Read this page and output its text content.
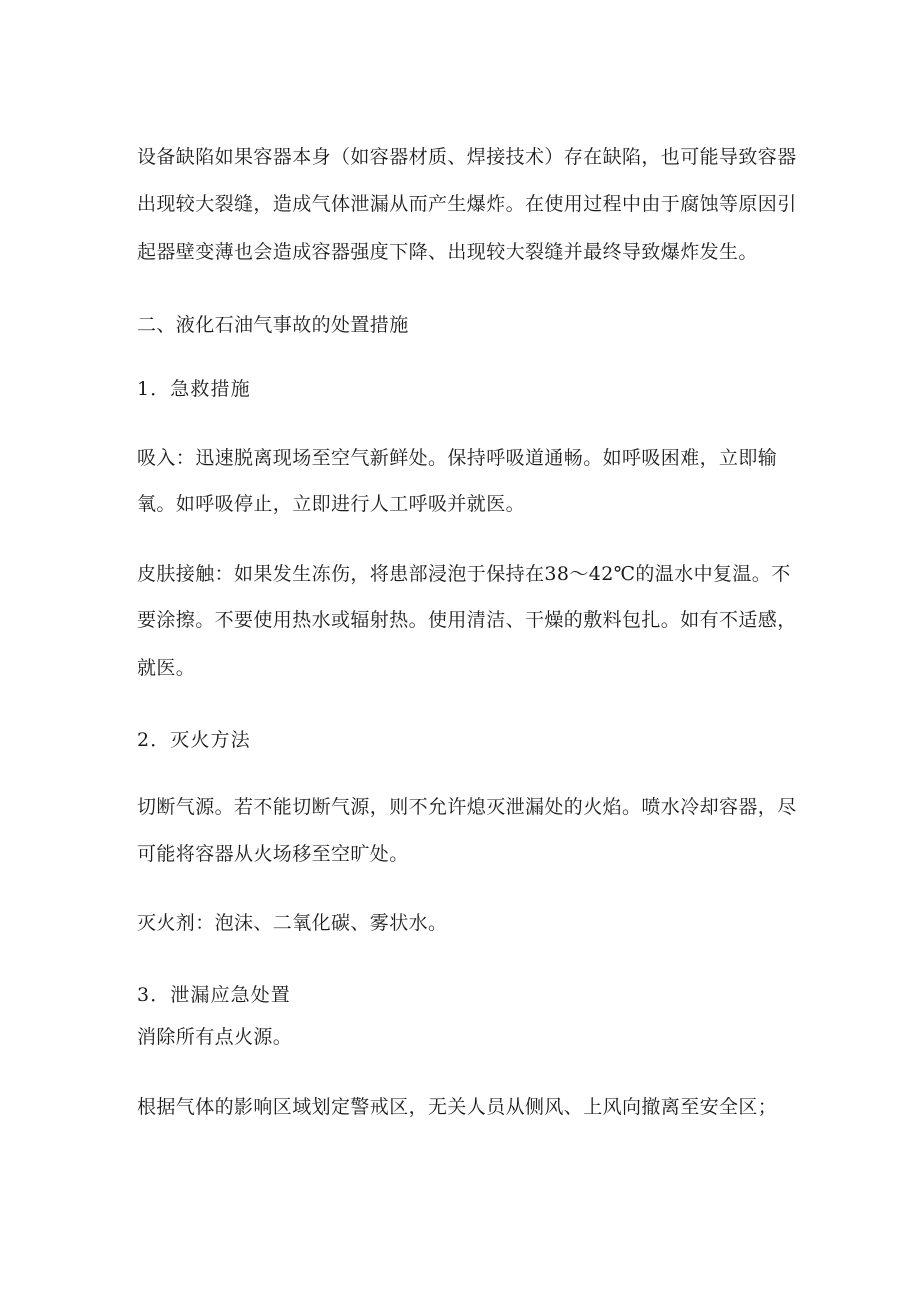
设备缺陷如果容器本身（如容器材质、焊接技术）存在缺陷，也可能导致容器
出现较大裂缝，造成气体泄漏从而产生爆炸。在使用过程中由于腐蚀等原因引
起器壁变薄也会造成容器强度下降、出现较大裂缝并最终导致爆炸发生。
二、液化石油气事故的处置措施
1．急救措施
吸入：迅速脱离现场至空气新鲜处。保持呼吸道通畅。如呼吸困难，立即输
氧。如呼吸停止，立即进行人工呼吸并就医。
皮肤接触：如果发生冻伤，将患部浸泡于保持在38～42℃的温水中复温。不
要涂擦。不要使用热水或辐射热。使用清洁、干燥的敷料包扎。如有不适感，
就医。
2．灭火方法
切断气源。若不能切断气源，则不允许熄灭泄漏处的火焰。喷水冷却容器，尽
可能将容器从火场移至空旷处。
灭火剂：泡沫、二氧化碳、雾状水。
3．泄漏应急处置
消除所有点火源。
根据气体的影响区域划定警戒区，无关人员从侧风、上风向撤离至安全区；
